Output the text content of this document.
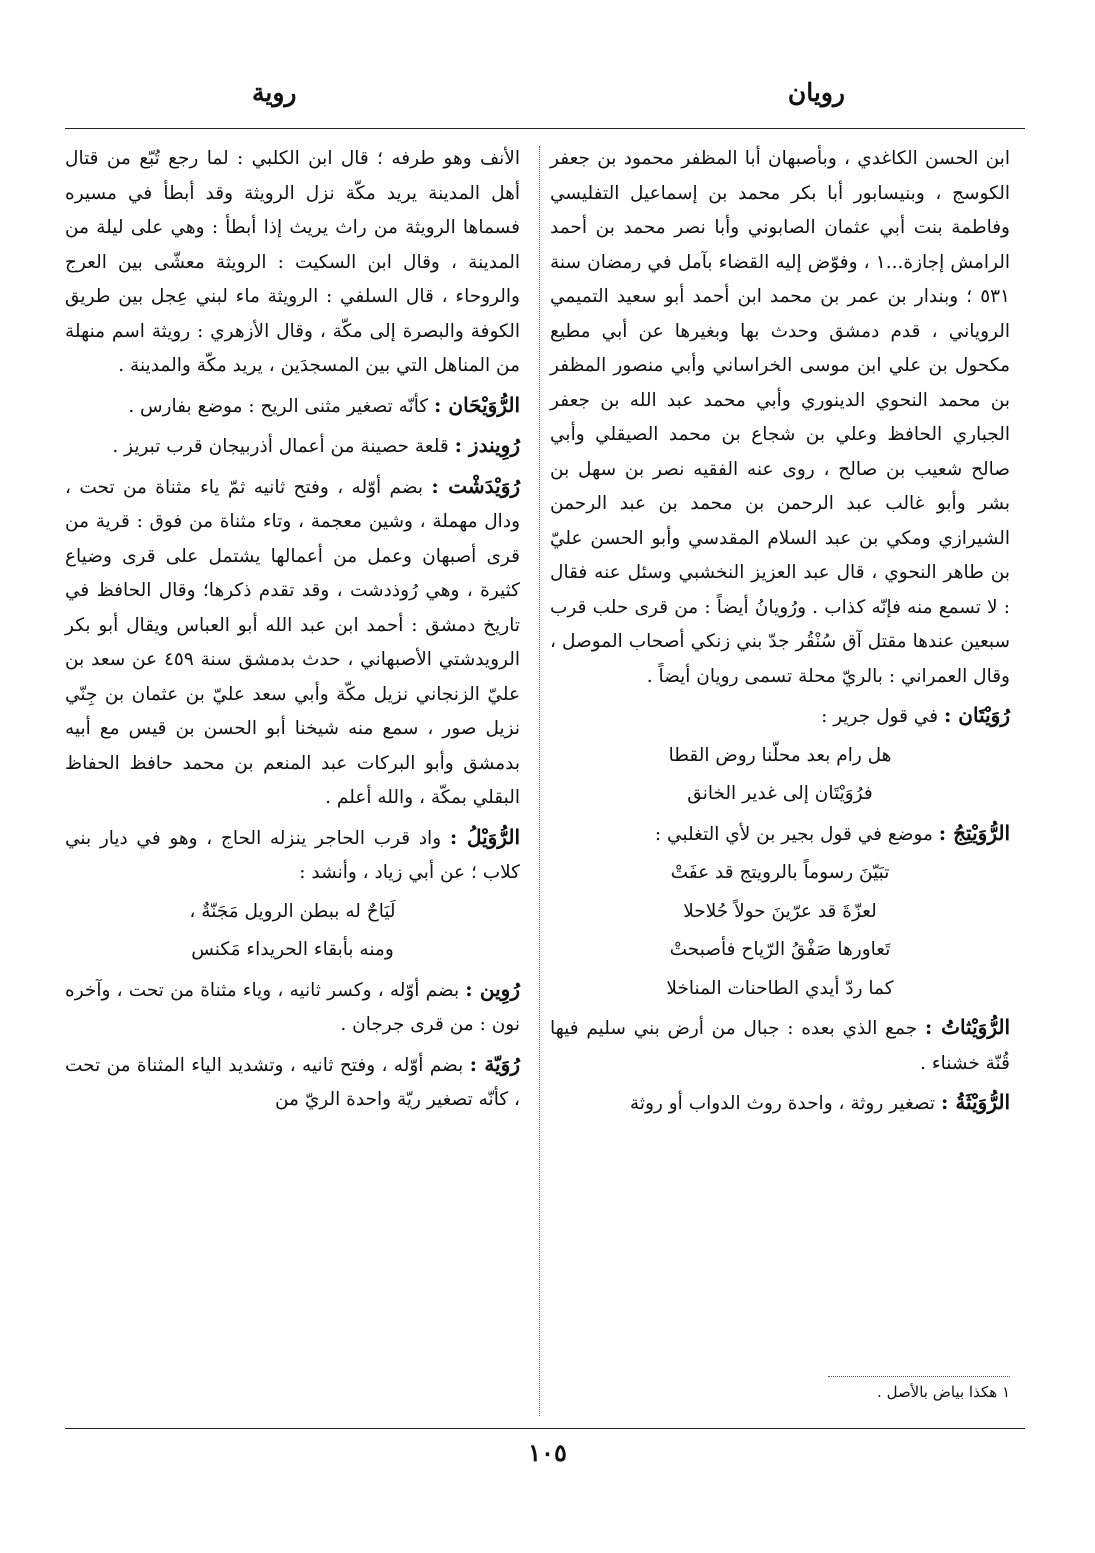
رويان
روية

ابن الحسن الكاغدي ، وبأصبهان أبا المظفر محمود بن جعفر الكوسج ، وبنيسابور أبا بكر محمد بن إسماعيل التفليسي وفاطمة بنت أبي عثمان الصابوني وأبا نصر محمد بن أحمد الرامش إجازة...١ ، وفوّض إليه القضاء بآمل في رمضان سنة ٥٣١ ؛ وبندار بن عمر بن محمد ابن أحمد أبو سعيد التميمي الروياني ، قدم دمشق وحدث بها وبغيرها عن أبي مطيع مكحول بن علي ابن موسى الخراساني وأبي منصور المظفر بن محمد النحوي الدينوري وأبي محمد عبد الله بن جعفر الجباري الحافظ وعلي بن شجاع بن محمد الصيقلي وأبي صالح شعيب بن صالح ، روى عنه الفقيه نصر بن سهل بن بشر وأبو غالب عبد الرحمن بن محمد بن عبد الرحمن الشيرازي ومكي بن عبد السلام المقدسي وأبو الحسن عليّ بن طاهر النحوي ، قال عبد العزيز النخشبي وسئل عنه فقال : لا تسمع منه فإنّه كذاب . ورُويانُ أيضاً : من قرى حلب قرب سبعين عندها مقتل آق سُنْقُر جدّ بني زنكي أصحاب الموصل ، وقال العمراني : بالريّ محلة تسمى رويان أيضاً .

رُوَيْتَان : في قول جرير :

هل رام بعد محلّنا روض القطا
فرُوَيْتَان إلى غدير الخانق

الرُّوَيْتِجُ : موضع في قول بجير بن لأي التغلبي :

تبَيّنَ رسوماً بالرويتج قد عفَتْ
لعزّةَ قد عرّينَ حولاً حُلاحلا
تَعاورها صَفْقُ الرّياح فأصبحتْ
كما ردّ أيدي الطاحنات المناخلا

الرُّوَيْثاتُ : جمع الذي بعده : جبال من أرض بني سليم فيها قُنّة خشناء .

الرُّوَيْثَةُ : تصغير روثة ، واحدة روث الدواب أو روثة

الأنف وهو طرفه ؛ قال ابن الكلبي : لما رجع تُبّع من قتال أهل المدينة يريد مكّة نزل الرويثة وقد أبطأ في مسيره فسماها الرويثة من راث يريث إذا أبطأ : وهي على ليلة من المدينة ، وقال ابن السكيت : الرويثة معشّى بين العرج والروحاء ، قال السلفي : الرويثة ماء لبني عِجل بين طريق الكوفة والبصرة إلى مكّة ، وقال الأزهري : رويثة اسم منهلة من المناهل التي بين المسجدَين ، يريد مكّة والمدينة .

الرُّوَيْحَان : كأنّه تصغير مثنى الريح : موضع بفارس .

رُوِيندز : قلعة حصينة من أعمال أذربيجان قرب تبريز .

رُوَيْدَشْت : بضم أوّله ، وفتح ثانيه ثمّ ياء مثناة من تحت ، ودال مهملة ، وشين معجمة ، وتاء مثناة من فوق : قرية من قرى أصبهان وعمل من أعمالها يشتمل على قرى وضياع كثيرة ، وهي رُوذدشت ، وقد تقدم ذكرها؛ وقال الحافظ في تاريخ دمشق : أحمد ابن عبد الله أبو العباس ويقال أبو بكر الرويدشتي الأصبهاني ، حدث بدمشق سنة ٤٥٩ عن سعد بن عليّ الزنجاني نزيل مكّة وأبي سعد عليّ بن عثمان بن جِنّي نزيل صور ، سمع منه شيخنا أبو الحسن بن قيس مع أبيه بدمشق وأبو البركات عبد المنعم بن محمد حافظ الحفاظ البقلي بمكّة ، والله أعلم .

الرُّوَيْلُ : واد قرب الحاجر ينزله الحاج ، وهو في ديار بني كلاب ؛ عن أبي زياد ، وأنشد :

لَيَاحٌ له ببطن الرويل مَجَنّةٌ ،
ومنه بأبقاء الحريداء مَكنس

رُوِين : بضم أوّله ، وكسر ثانيه ، وياء مثناة من تحت ، وآخره نون : من قرى جرجان .

رُوَيّة : بضم أوّله ، وفتح ثانيه ، وتشديد الياء المثناة من تحت ، كأنّه تصغير ريّة واحدة الريّ من

١ هكذا بياض بالأصل .
١٠٥
